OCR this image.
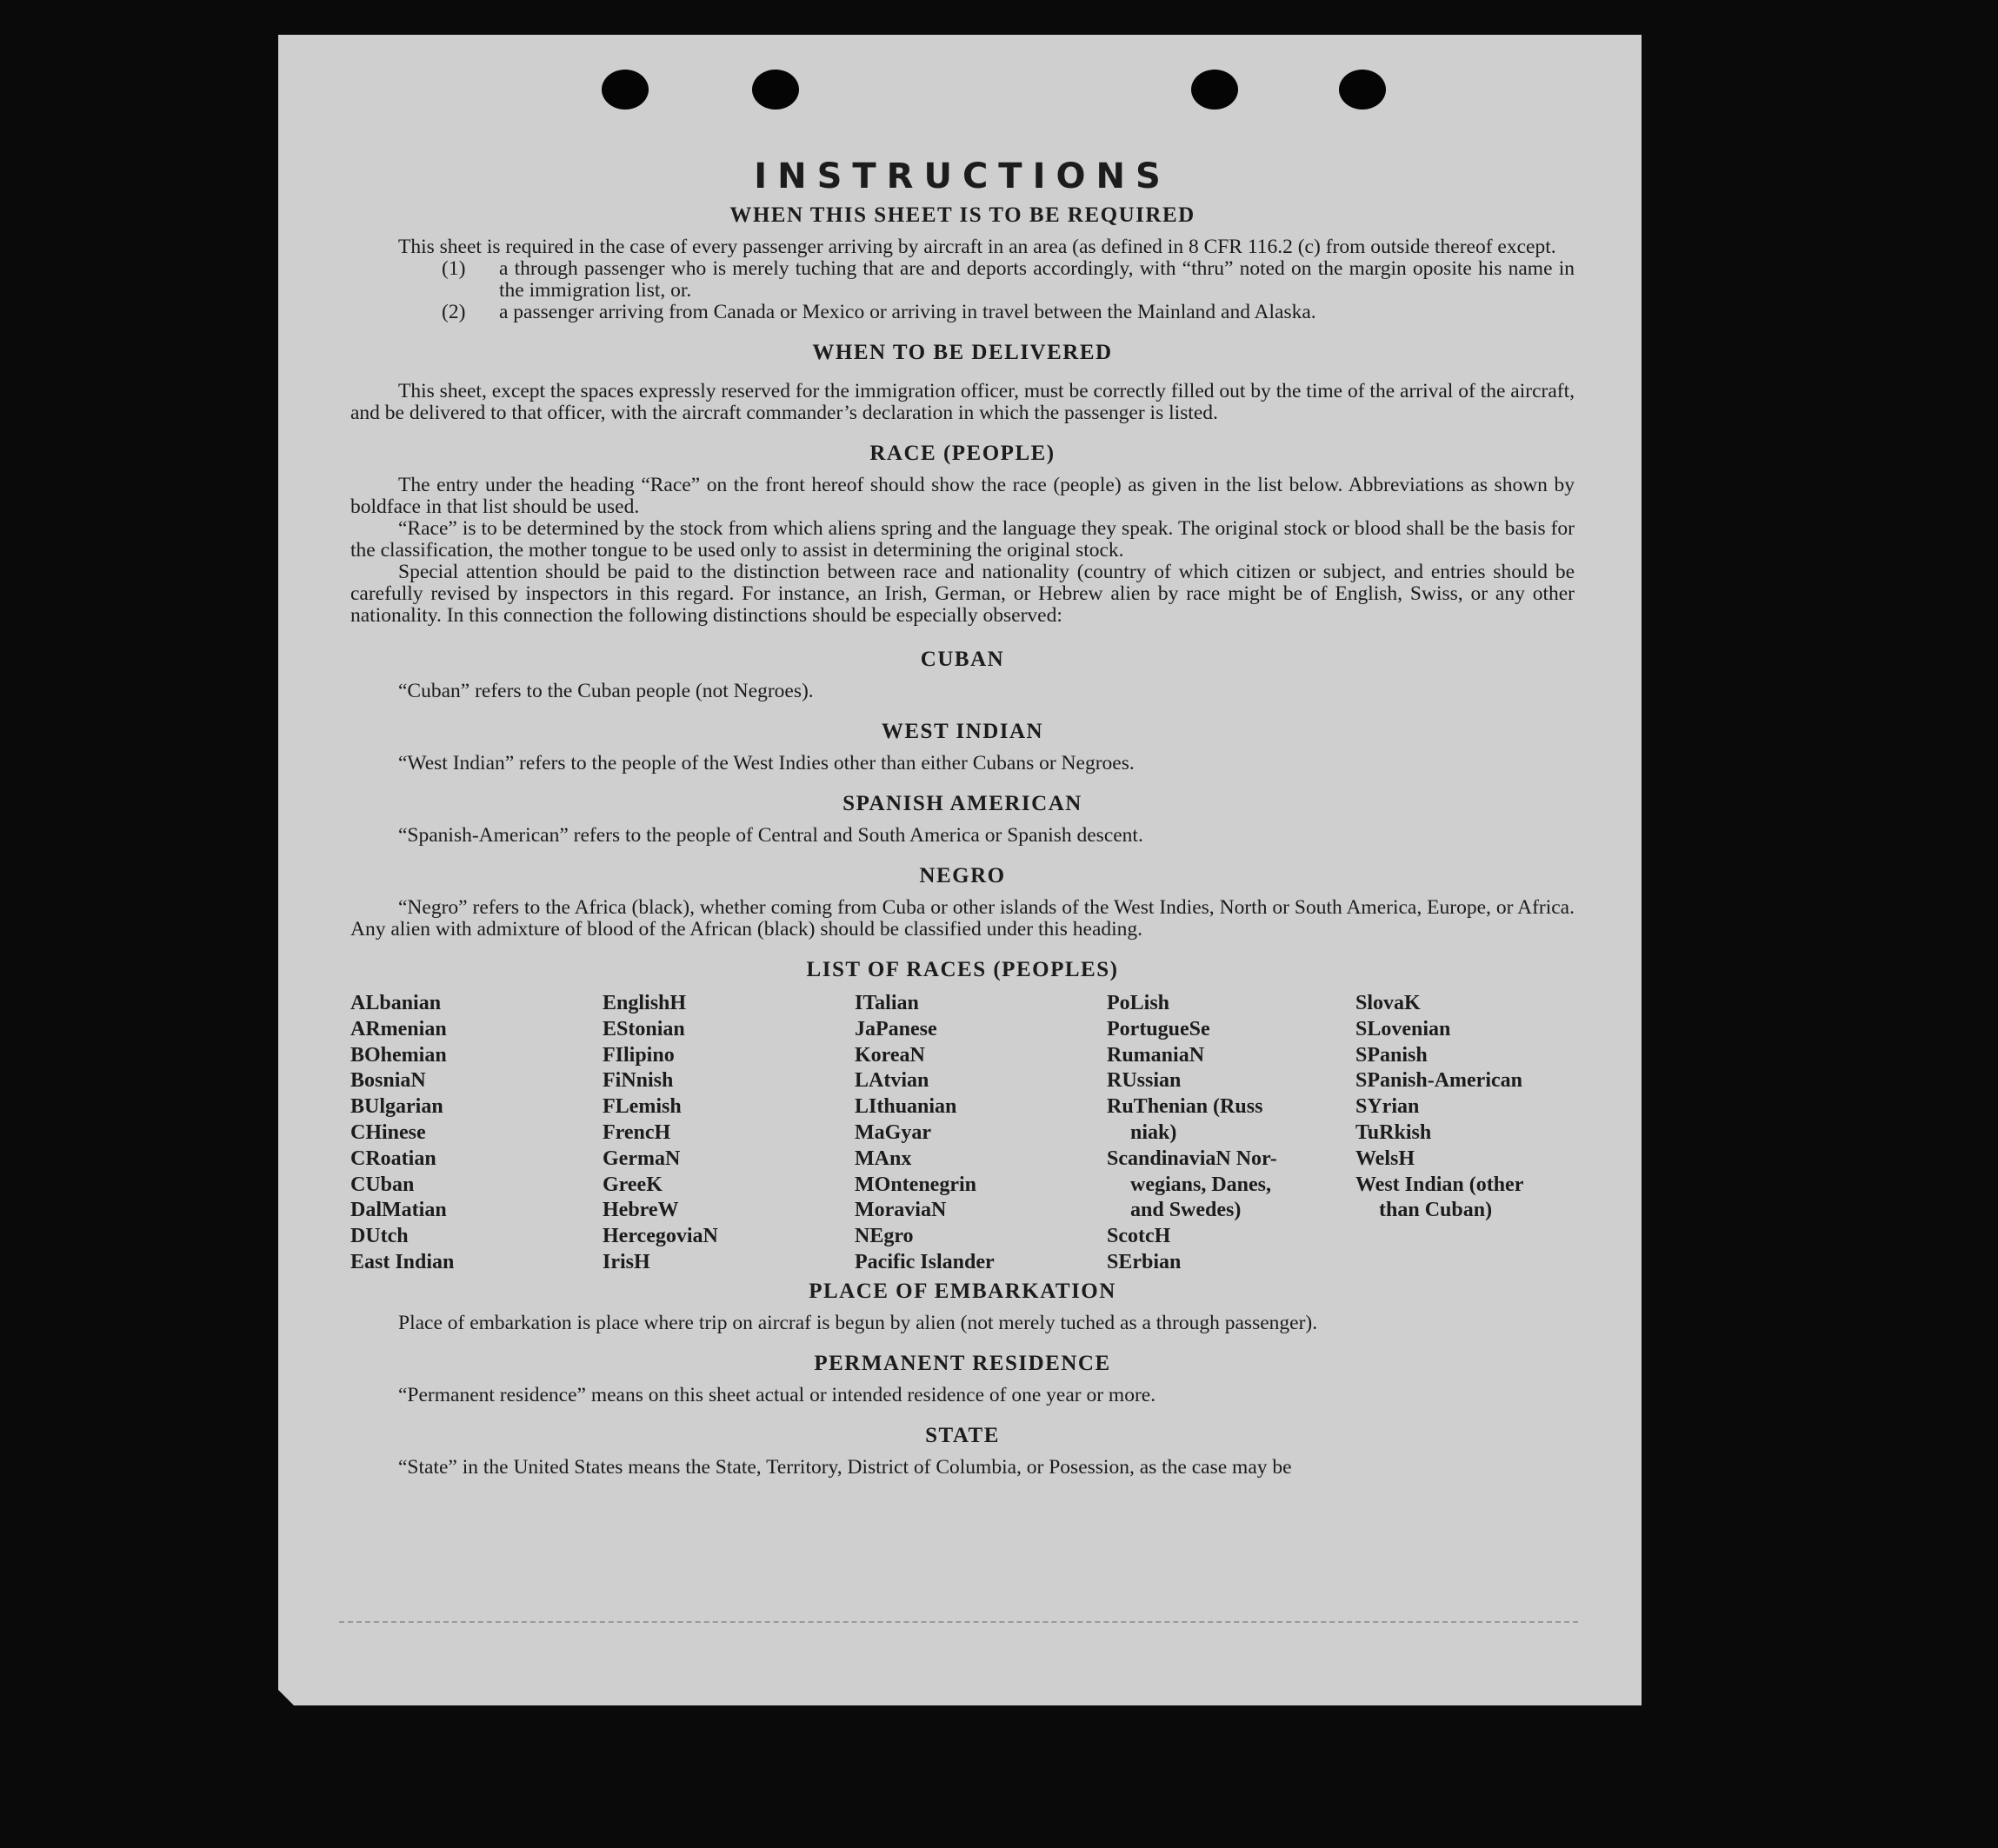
INSTRUCTIONS
WHEN THIS SHEET IS TO BE REQUIRED

This sheet is required in the case of every passenger arriving by aircraft in an area (as defined in 8 CFR 116.2 (c) from outside thereof except.

(1)	a through passenger who is merely tuching that are and deports accordingly, with “thru” noted on the margin oposite his name in the immigration list, or.
(2)	a passenger arriving from Canada or Mexico or arriving in travel between the Mainland and Alaska.
WHEN TO BE DELIVERED

This sheet, except the spaces expressly reserved for the immigration officer, must be correctly filled out by the time of the arrival of the aircraft, and be delivered to that officer, with the aircraft commander’s declaration in which the passenger is listed.

RACE (PEOPLE)

The entry under the heading “Race” on the front hereof should show the race (people) as given in the list below. Abbreviations as shown by boldface in that list should be used.

“Race” is to be determined by the stock from which aliens spring and the language they speak. The original stock or blood shall be the basis for the classification, the mother tongue to be used only to assist in determining the original stock.

Special attention should be paid to the distinction between race and nationality (country of which citizen or subject, and entries should be carefully revised by inspectors in this regard. For instance, an Irish, German, or Hebrew alien by race might be of English, Swiss, or any other nationality. In this connection the following distinctions should be especially observed:

CUBAN

“Cuban” refers to the Cuban people (not Negroes).

WEST INDIAN

“West Indian” refers to the people of the West Indies other than either Cubans or Negroes.

SPANISH AMERICAN

“Spanish-American” refers to the people of Central and South America or Spanish descent.

NEGRO

“Negro” refers to the Africa (black), whether coming from Cuba or other islands of the West Indies, North or South America, Europe, or Africa. Any alien with admixture of blood of the African (black) should be classified under this heading.

LIST OF RACES (PEOPLES)
ALbanian
ARmenian
BOhemian
BosniaN
BUlgarian
CHinese
CRoatian
CUban
DalMatian
DUtch
East Indian
EnglishH
EStonian
FIlipino
FiNnish
FLemish
FrencH
GermaN
GreeK
HebreW
HercegoviaN
IrisH
ITalian
JaPanese
KoreaN
LAtvian
LIthuanian
MaGyar
MAnx
MOntenegrin
MoraviaN
NEgro
Pacific Islander
PoLish
PortugueSe
RumaniaN
RUssian
RuThenian (Russ
niak)
ScandinaviaN Nor-
wegians, Danes,
and Swedes)
ScotcH
SErbian
SlovaK
SLovenian
SPanish
SPanish-American
SYrian
TuRkish
WelsH
West Indian (other
than Cuban)
PLACE OF EMBARKATION

Place of embarkation is place where trip on aircraf is begun by alien (not merely tuched as a through passenger).

PERMANENT RESIDENCE

“Permanent residence” means on this sheet actual or intended residence of one year or more.

STATE

“State” in the United States means the State, Territory, District of Columbia, or Posession, as the case may be
